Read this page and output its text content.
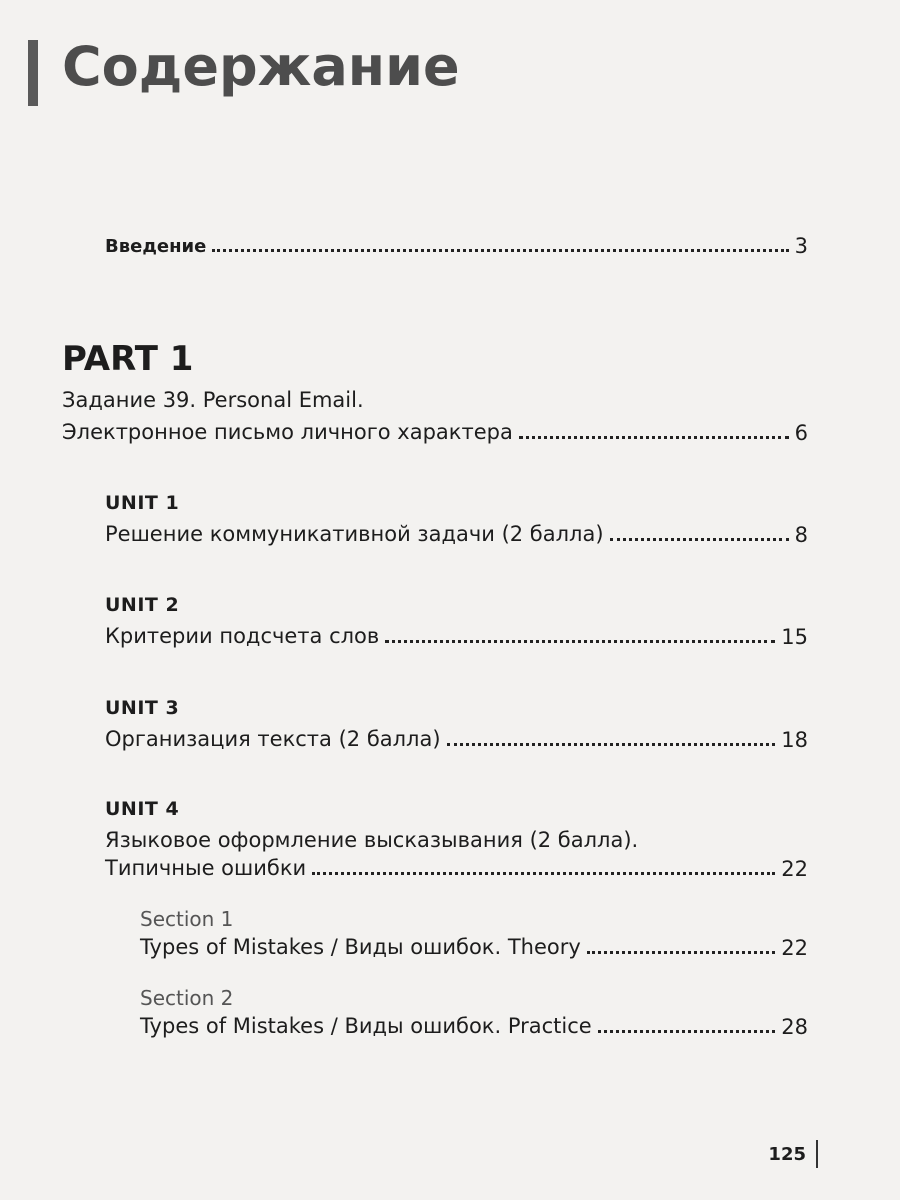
Содержание
Введение	3
PART 1
Задание 39. Personal Email.
Электронное письмо личного характера	6
UNIT 1
Решение коммуникативной задачи (2 балла)	8
UNIT 2
Критерии подсчета слов	15
UNIT 3
Организация текста (2 балла)	18
UNIT 4
Языковое оформление высказывания (2 балла).
Типичные ошибки	22
Section 1
Types of Mistakes / Виды ошибок. Theory	22
Section 2
Types of Mistakes / Виды ошибок. Practice	28
125
